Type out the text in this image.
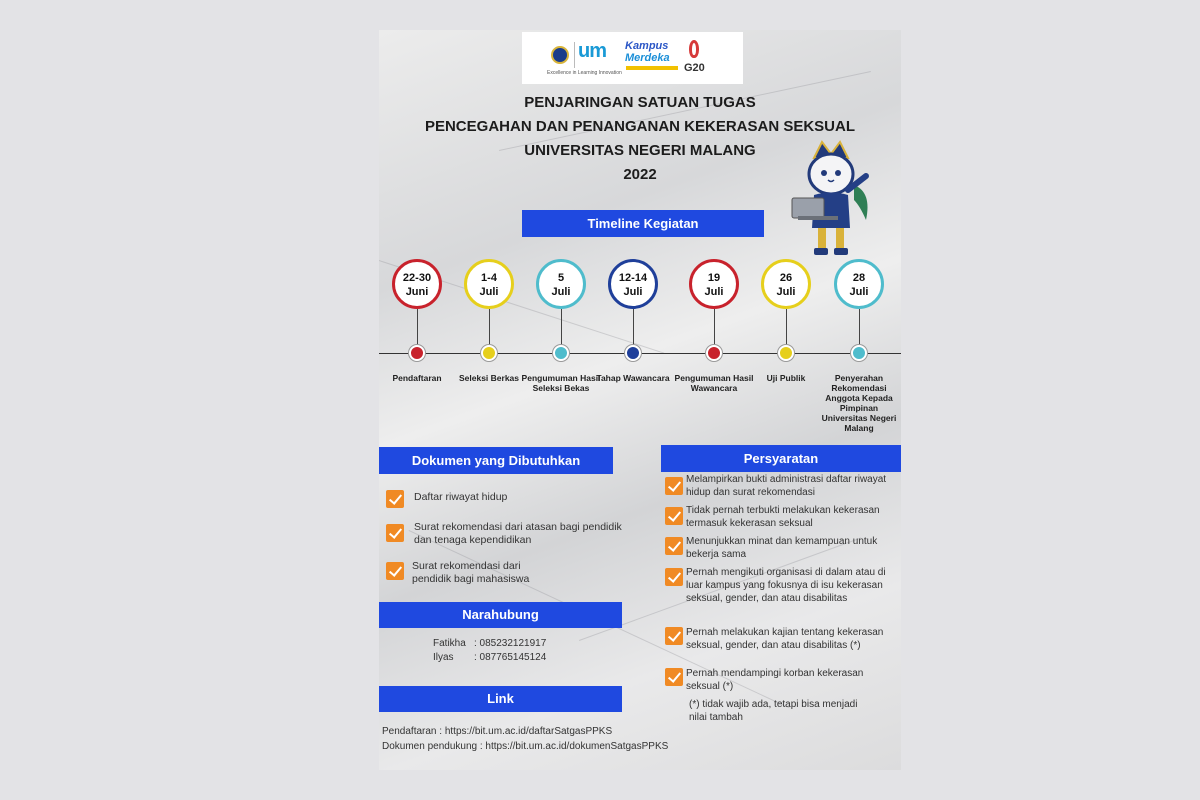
um
Excellence in Learning Innovation
Kampus
Merdeka
G20
PENJARINGAN SATUAN TUGAS
PENCEGAHAN DAN PENANGANAN KEKERASAN SEKSUAL
UNIVERSITAS NEGERI MALANG
2022
Timeline Kegiatan
22-30
Juni
Pendaftaran
1-4
Juli
Seleksi Berkas
5
Juli
Pengumuman Hasil Seleksi Bekas
12-14
Juli
Tahap Wawancara
19
Juli
Pengumuman Hasil Wawancara
26
Juli
Uji Publik
28
Juli
Penyerahan Rekomendasi Anggota Kepada Pimpinan Universitas Negeri Malang
Dokumen yang Dibutuhkan
Daftar riwayat hidup
Surat rekomendasi dari atasan bagi pendidik dan tenaga kependidikan
Surat rekomendasi dari pendidik bagi mahasiswa
Narahubung
Fatikha : 085232121917
Ilyas	: 087765145124
Link
Pendaftaran : https://bit.um.ac.id/daftarSatgasPPKS
Dokumen pendukung : https://bit.um.ac.id/dokumenSatgasPPKS
Persyaratan
Melampirkan bukti administrasi daftar riwayat hidup dan surat rekomendasi
Tidak pernah terbukti melakukan kekerasan termasuk kekerasan seksual
Menunjukkan minat dan kemampuan untuk bekerja sama
Pernah mengikuti organisasi di dalam atau di luar kampus yang fokusnya di isu kekerasan seksual, gender, dan atau disabilitas
Pernah melakukan kajian tentang kekerasan seksual, gender, dan atau disabilitas (*)
Pernah mendampingi korban kekerasan seksual (*)
(*) tidak wajib ada, tetapi bisa menjadi nilai tambah
